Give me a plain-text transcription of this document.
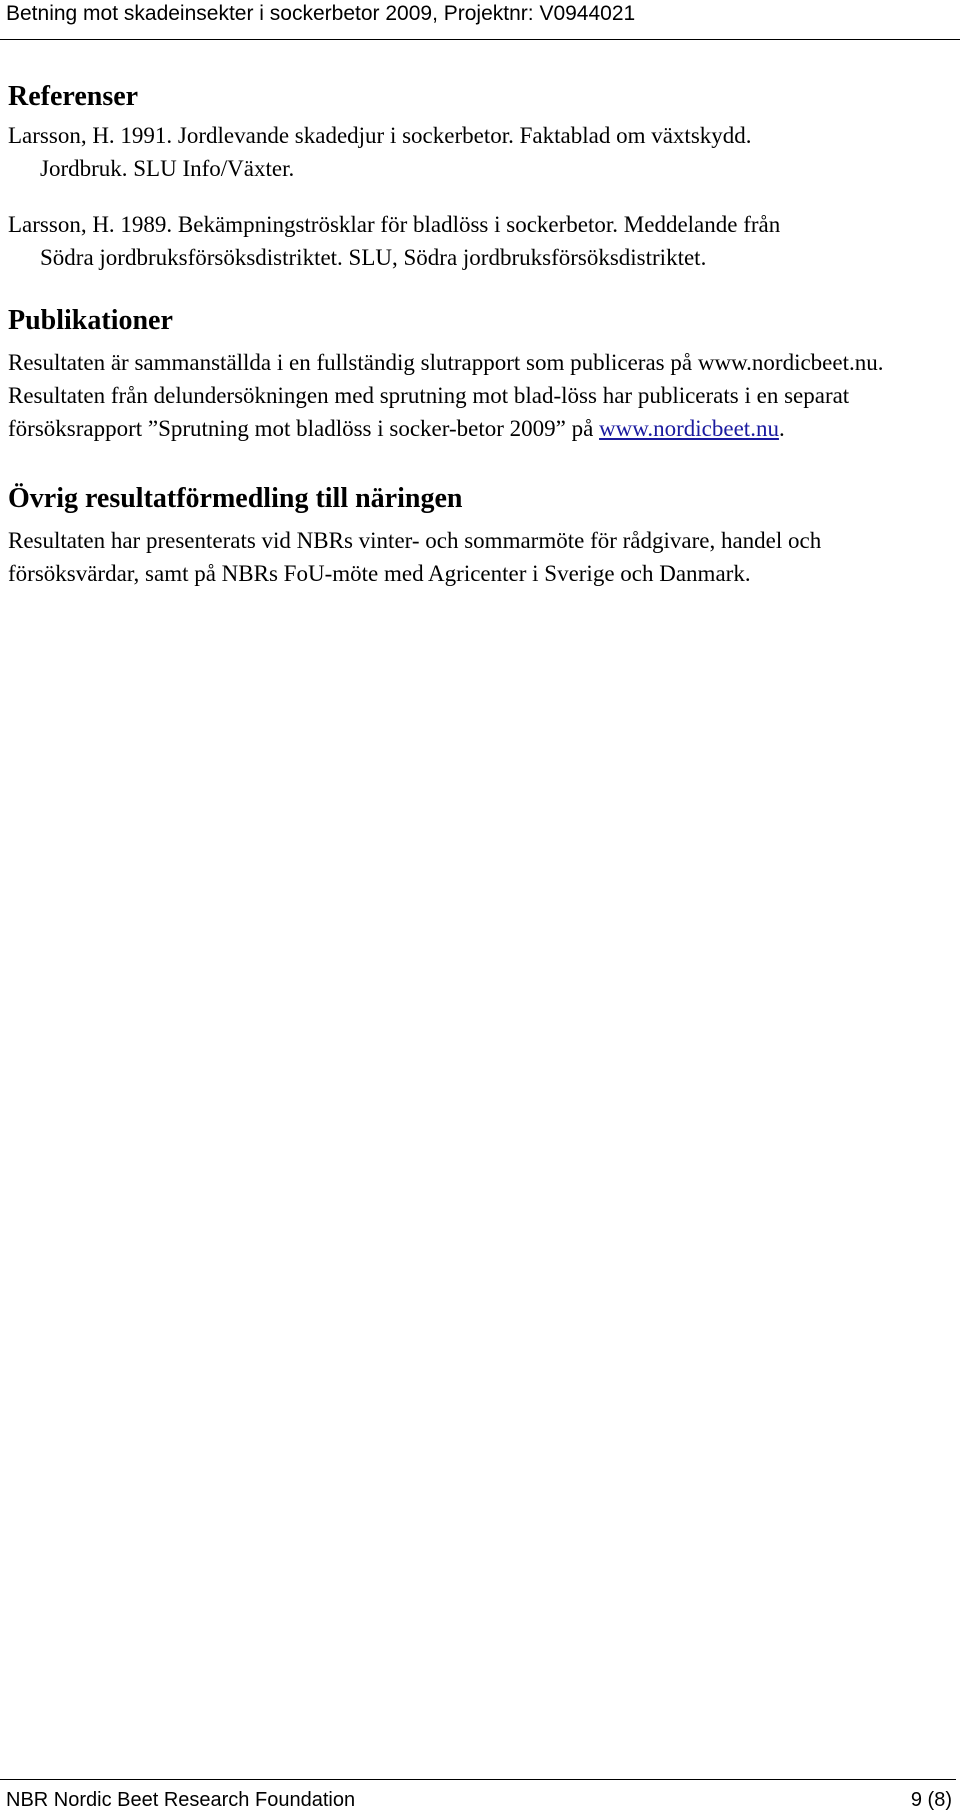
Betning mot skadeinsekter i sockerbetor 2009, Projektnr: V0944021
Referenser

Larsson, H. 1991. Jordlevande skadedjur i sockerbetor. Faktablad om växtskydd. Jordbruk. SLU Info/Växter.

Larsson, H. 1989. Bekämpningströsklar för bladlöss i sockerbetor. Meddelande från Södra jordbruksförsöksdistriktet. SLU, Södra jordbruksförsöksdistriktet.

Publikationer

Resultaten är sammanställda i en fullständig slutrapport som publiceras på www.nordicbeet.nu. Resultaten från delundersökningen med sprutning mot blad-löss har publicerats i en separat försöksrapport ”Sprutning mot bladlöss i socker-betor 2009” på www.nordicbeet.nu.

Övrig resultatförmedling till näringen

Resultaten har presenterats vid NBRs vinter- och sommarmöte för rådgivare, handel och försöksvärdar, samt på NBRs FoU-möte med Agricenter i Sverige och Danmark.

NBR Nordic Beet Research Foundation	9 (8)
